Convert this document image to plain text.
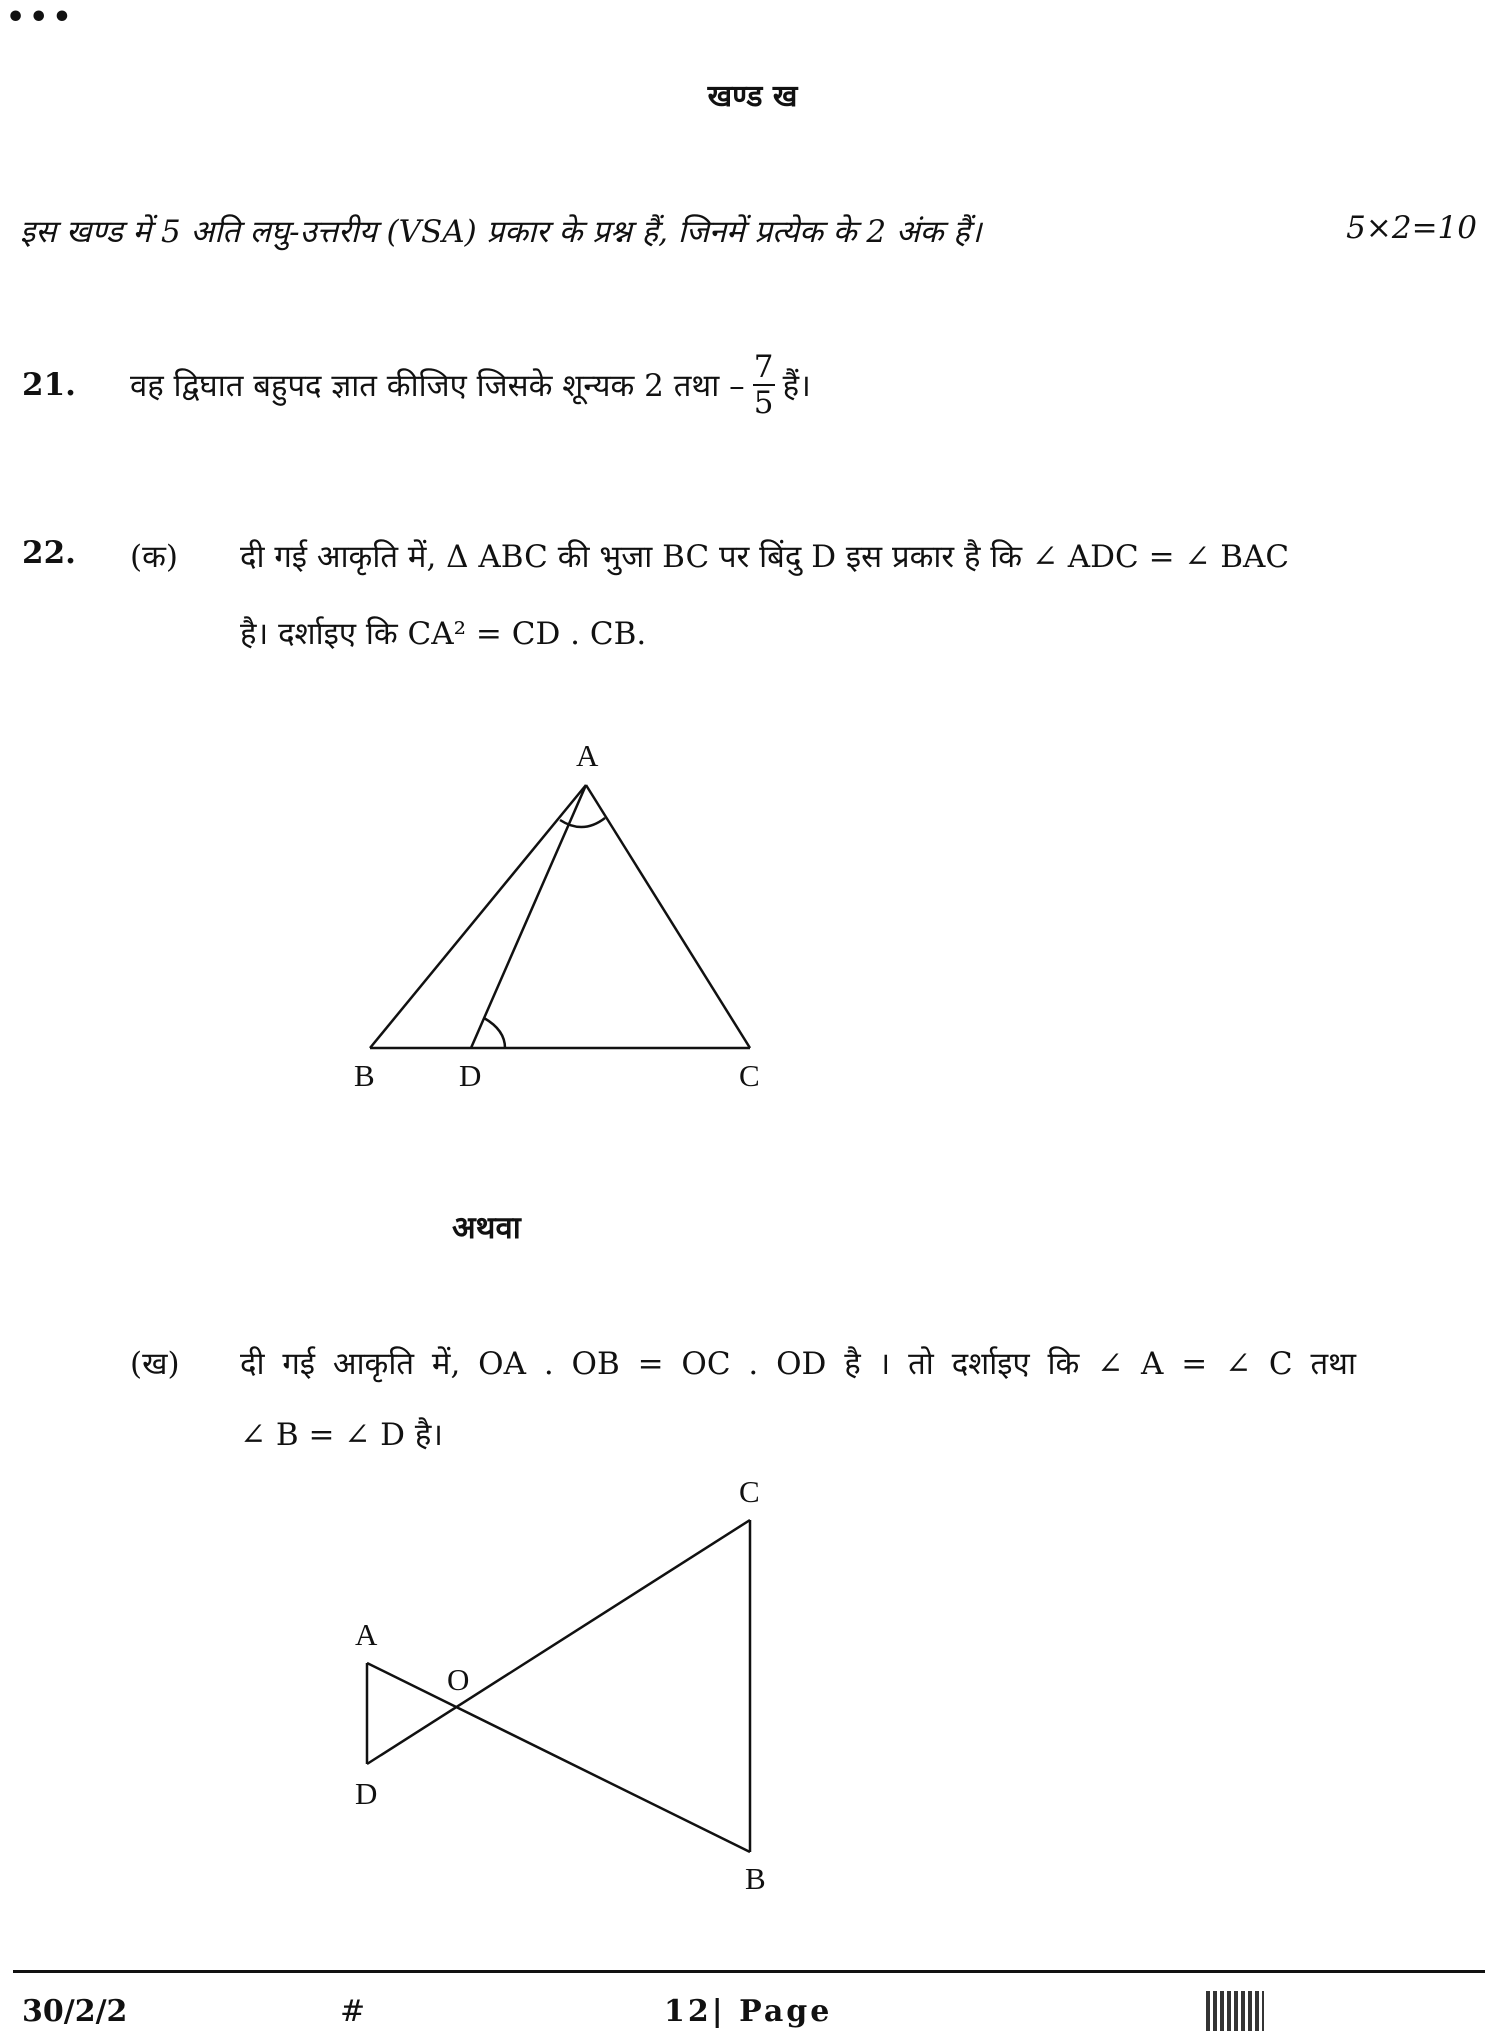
•••
खण्ड ख
इस खण्ड में 5 अति लघु-उत्तरीय (VSA) प्रकार के प्रश्न हैं, जिनमें प्रत्येक के 2 अंक हैं।	5×2=10
21. वह द्विघात बहुपद ज्ञात कीजिए जिसके शून्यक 2 तथा – $\frac{7}{5}$ हैं।
22. (क) दी गई आकृति में, Δ ABC की भुजा BC पर बिंदु D इस प्रकार है कि ∠ ADC = ∠ BAC
है। दर्शाइए कि CA² = CD . CB.
A
B	D	C
अथवा
(ख) दी गई आकृति में, OA . OB = OC . OD है । तो दर्शाइए कि ∠ A = ∠ C तथा
∠ B = ∠ D है।
C
A
O
D
B
30/2/2	#	12| Page
